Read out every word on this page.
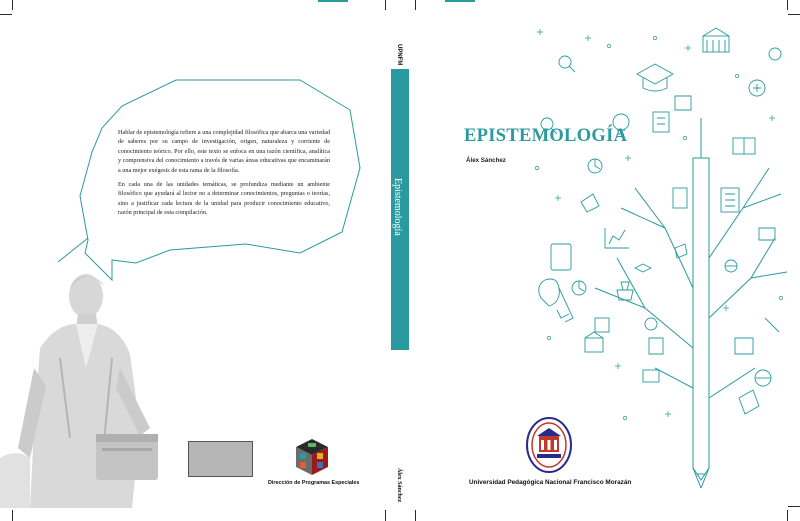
Hablar de epistemología refiere a una complejidad filosófica que abarca una variedad de saberes por su campo de investigación, origen, naturaleza y corriente de conocimiento teórico. Por ello, este texto se enfoca en una razón científica, analítica y comprensiva del conocimiento a través de varias áreas educativas que encaminarán a una mejor exégesis de esta rama de la filosofía.

En cada una de las unidades temáticas, se profundiza mediante un ambiente filosófico que ayudará al lector no a determinar conocimientos, preguntas o teorías, sino a justificar cada lectura de la unidad para producir conocimiento educativo, razón principal de esta compilación.

Dirección de Programas Especiales
UPNFM
Epistemología
Álex Sánchez
EPISTEMOLOGÍA
Álex Sánchez
Universidad Pedagógica Nacional Francisco Morazán
